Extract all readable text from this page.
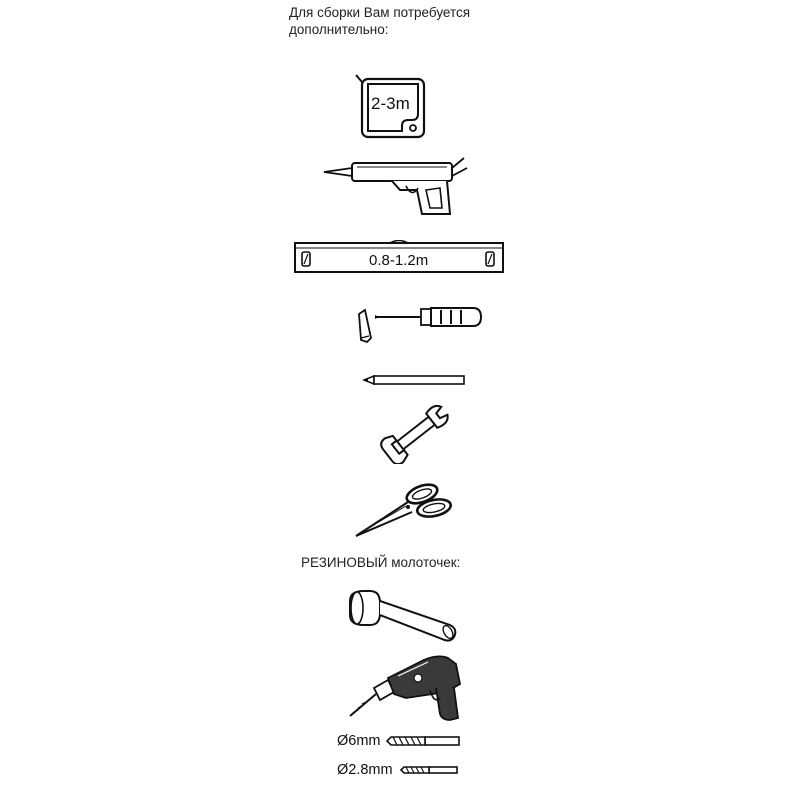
Для сборки Вам потребуется
дополнительно:
2-3m
0.8-1.2m
РЕЗИНОВЫЙ молоточек:
Ø6mm
Ø2.8mm
